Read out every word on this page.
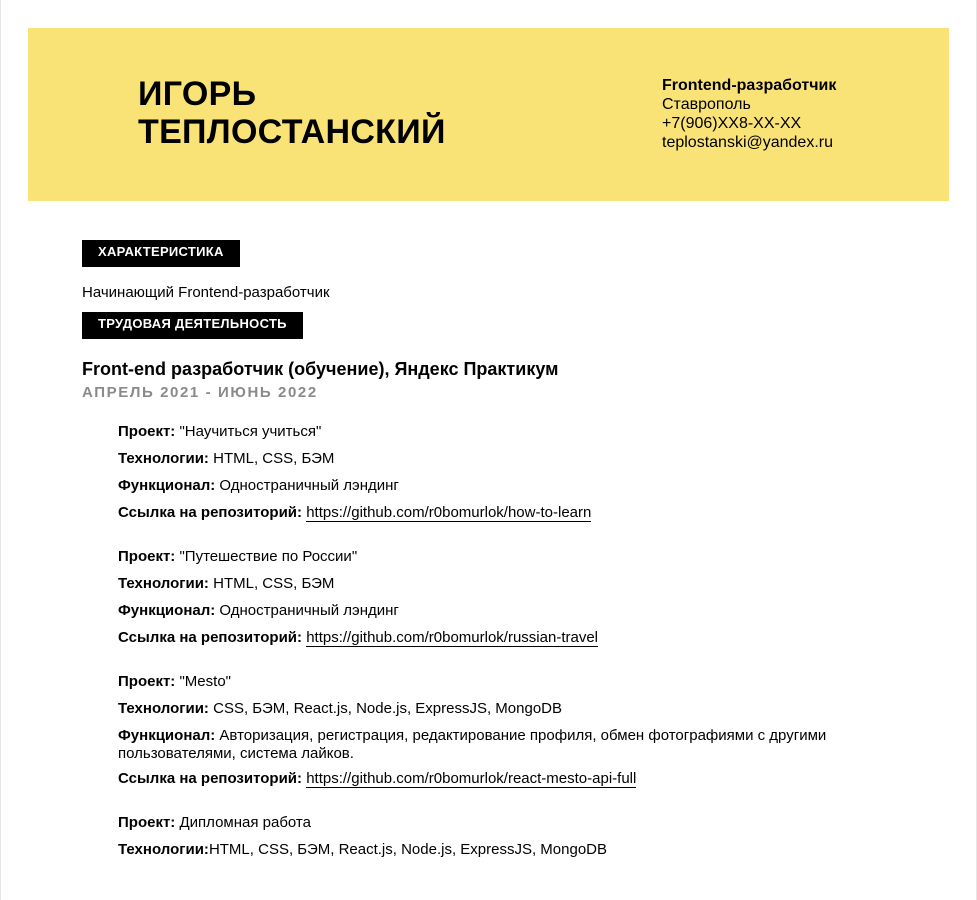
ИГОРЬ
ТЕПЛОСТАНСКИЙ
Frontend-разработчик
Ставрополь
+7(906)XX8-XX-XX
teplostanski@yandex.ru
ХАРАКТЕРИСТИКА
Начинающий Frontend-разработчик
ТРУДОВАЯ ДЕЯТЕЛЬНОСТЬ
Front-end разработчик (обучение), Яндекс Практикум
АПРЕЛЬ 2021 - ИЮНЬ 2022
Проект: "Научиться учиться"
Технологии: HTML, CSS, БЭМ
Функционал: Одностраничный лэндинг
Ссылка на репозиторий: https://github.com/r0bomurlok/how-to-learn
Проект: "Путешествие по России"
Технологии: HTML, CSS, БЭМ
Функционал: Одностраничный лэндинг
Ссылка на репозиторий: https://github.com/r0bomurlok/russian-travel
Проект: "Mesto"
Технологии: CSS, БЭМ, React.js, Node.js, ExpressJS, MongoDB
Функционал: Авторизация, регистрация, редактирование профиля, обмен фотографиями с другими пользователями, система лайков.
Ссылка на репозиторий: https://github.com/r0bomurlok/react-mesto-api-full
Проект: Дипломная работа
Технологии:HTML, CSS, БЭМ, React.js, Node.js, ExpressJS, MongoDB
